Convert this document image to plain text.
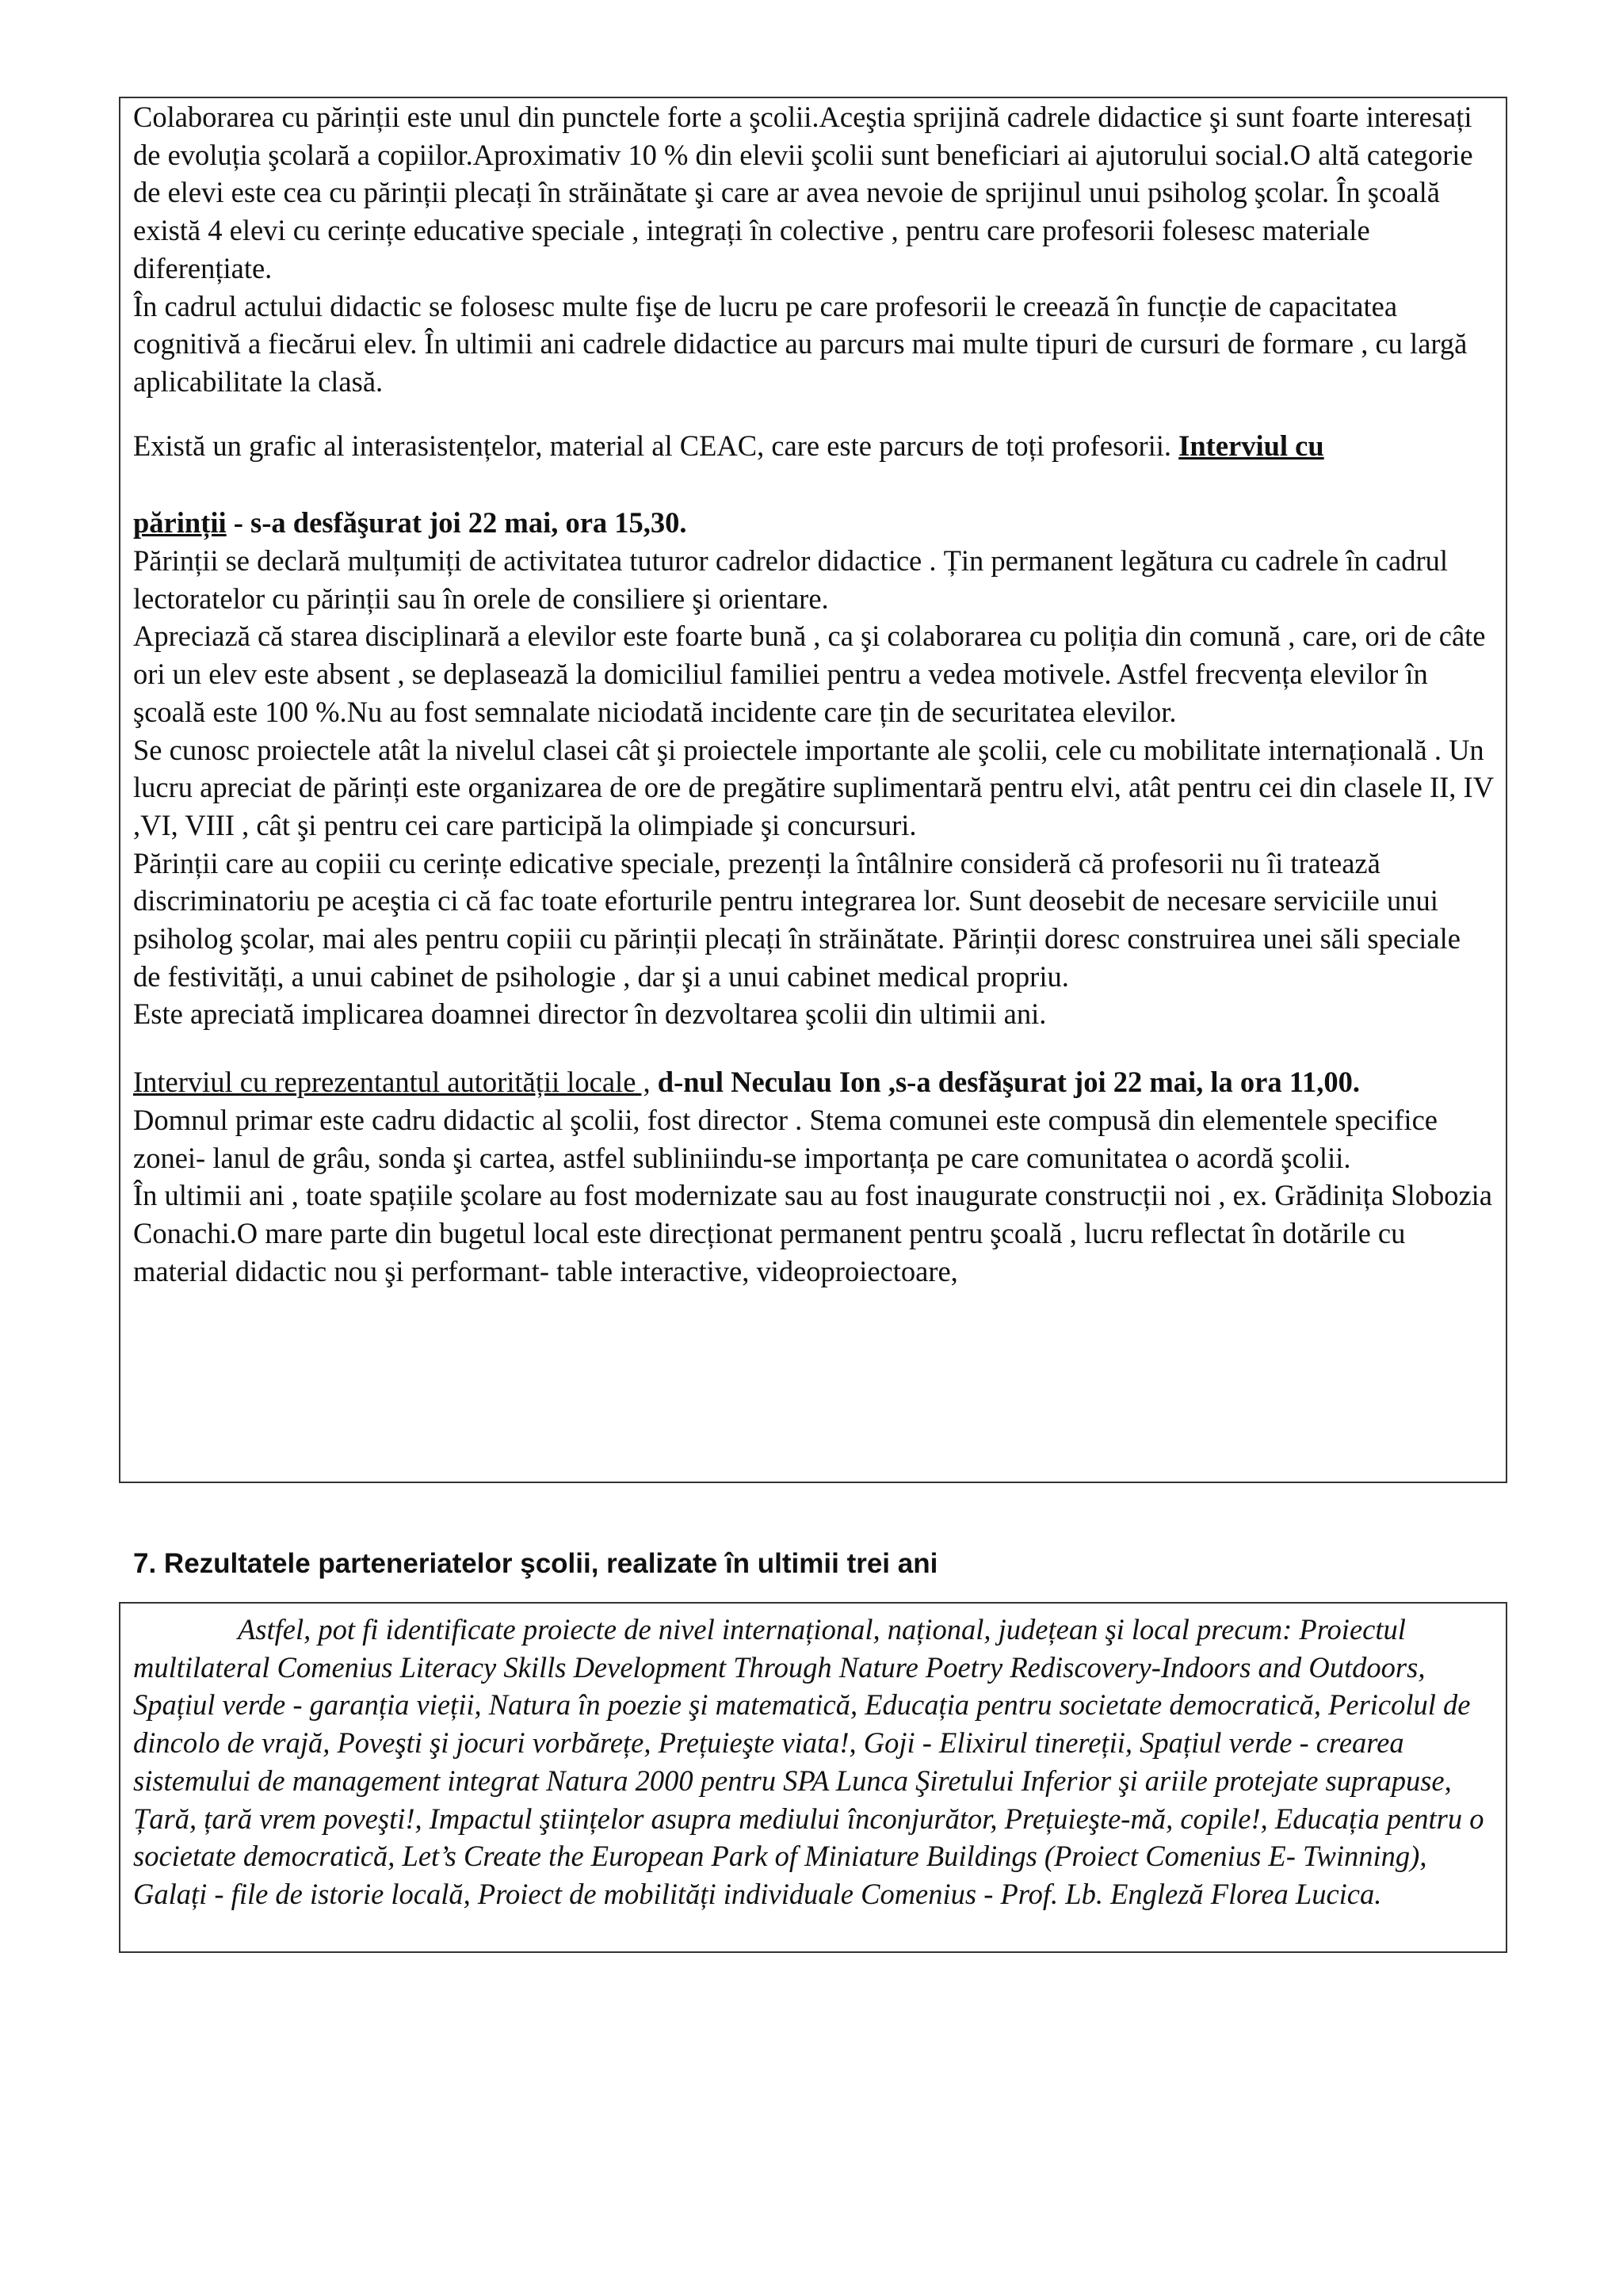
Colaborarea cu părinții este unul din punctele forte a şcolii.Aceştia sprijină cadrele didactice şi sunt foarte interesați de evoluția şcolară a copiilor.Aproximativ 10 % din elevii şcolii sunt beneficiari ai ajutorului social.O altă categorie de elevi este cea cu părinții plecați în străinătate şi care ar avea nevoie de sprijinul unui psiholog şcolar. În şcoală există 4 elevi cu cerințe educative speciale , integrați în colective , pentru care profesorii folesesc materiale diferențiate.

În cadrul actului didactic se folosesc multe fişe de lucru pe care profesorii le creează în funcție de capacitatea cognitivă a fiecărui elev. În ultimii ani cadrele didactice au parcurs mai multe tipuri de cursuri de formare , cu largă aplicabilitate la clasă.

Există un grafic al interasistențelor, material al CEAC, care este parcurs de toți profesorii. Interviul cu

părinții - s-a desfăşurat joi 22 mai, ora 15,30.

Părinții se declară mulțumiți de activitatea tuturor cadrelor didactice . Țin permanent legătura cu cadrele în cadrul lectoratelor cu părinții sau în orele de consiliere şi orientare.

Apreciază că starea disciplinară a elevilor este foarte bună , ca şi colaborarea cu poliția din comună , care, ori de câte ori un elev este absent , se deplasează la domiciliul familiei pentru a vedea motivele. Astfel frecvența elevilor în şcoală este 100 %.Nu au fost semnalate niciodată incidente care țin de securitatea elevilor.

Se cunosc proiectele atât la nivelul clasei cât şi proiectele importante ale şcolii, cele cu mobilitate internațională . Un lucru apreciat de părinți este organizarea de ore de pregătire suplimentară pentru elvi, atât pentru cei din clasele II, IV ,VI, VIII , cât şi pentru cei care participă la olimpiade şi concursuri.

Părinții care au copiii cu cerințe edicative speciale, prezenți la întâlnire consideră că profesorii nu îi tratează discriminatoriu pe aceştia ci că fac toate eforturile pentru integrarea lor. Sunt deosebit de necesare serviciile unui psiholog şcolar, mai ales pentru copiii cu părinții plecați în străinătate. Părinții doresc construirea unei săli speciale de festivități, a unui cabinet de psihologie , dar şi a unui cabinet medical propriu.

Este apreciată implicarea doamnei director în dezvoltarea şcolii din ultimii ani.

Interviul cu reprezentantul autorității locale , d-nul Neculau Ion ,s-a desfăşurat joi 22 mai, la ora 11,00.

Domnul primar este cadru didactic al şcolii, fost director . Stema comunei este compusă din elementele specifice zonei- lanul de grâu, sonda şi cartea, astfel subliniindu-se importanța pe care comunitatea o acordă şcolii.

În ultimii ani , toate spațiile şcolare au fost modernizate sau au fost inaugurate construcții noi , ex. Grădinița Slobozia Conachi.O mare parte din bugetul local este direcționat permanent pentru şcoală , lucru reflectat în dotările cu material didactic nou şi performant- table interactive, videoproiectoare,

7. Rezultatele parteneriatelor şcolii, realizate în ultimii trei ani

Astfel, pot fi identificate proiecte de nivel internațional, național, județean şi local precum: Proiectul multilateral Comenius Literacy Skills Development Through Nature Poetry Rediscovery-Indoors and Outdoors, Spațiul verde - garanția vieții, Natura în poezie şi matematică, Educația pentru societate democratică, Pericolul de dincolo de vrajă, Poveşti şi jocuri vorbărețe, Prețuieşte viata!, Goji - Elixirul tinereții, Spațiul verde - crearea sistemului de management integrat Natura 2000 pentru SPA Lunca Şiretului Inferior şi ariile protejate suprapuse, Țară, țară vrem poveşti!, Impactul ştiințelor asupra mediului înconjurător, Prețuieşte-mă, copile!, Educația pentru o societate democratică, Let’s Create the European Park of Miniature Buildings (Proiect Comenius E- Twinning), Galați - file de istorie locală, Proiect de mobilități individuale Comenius - Prof. Lb. Engleză Florea Lucica.
